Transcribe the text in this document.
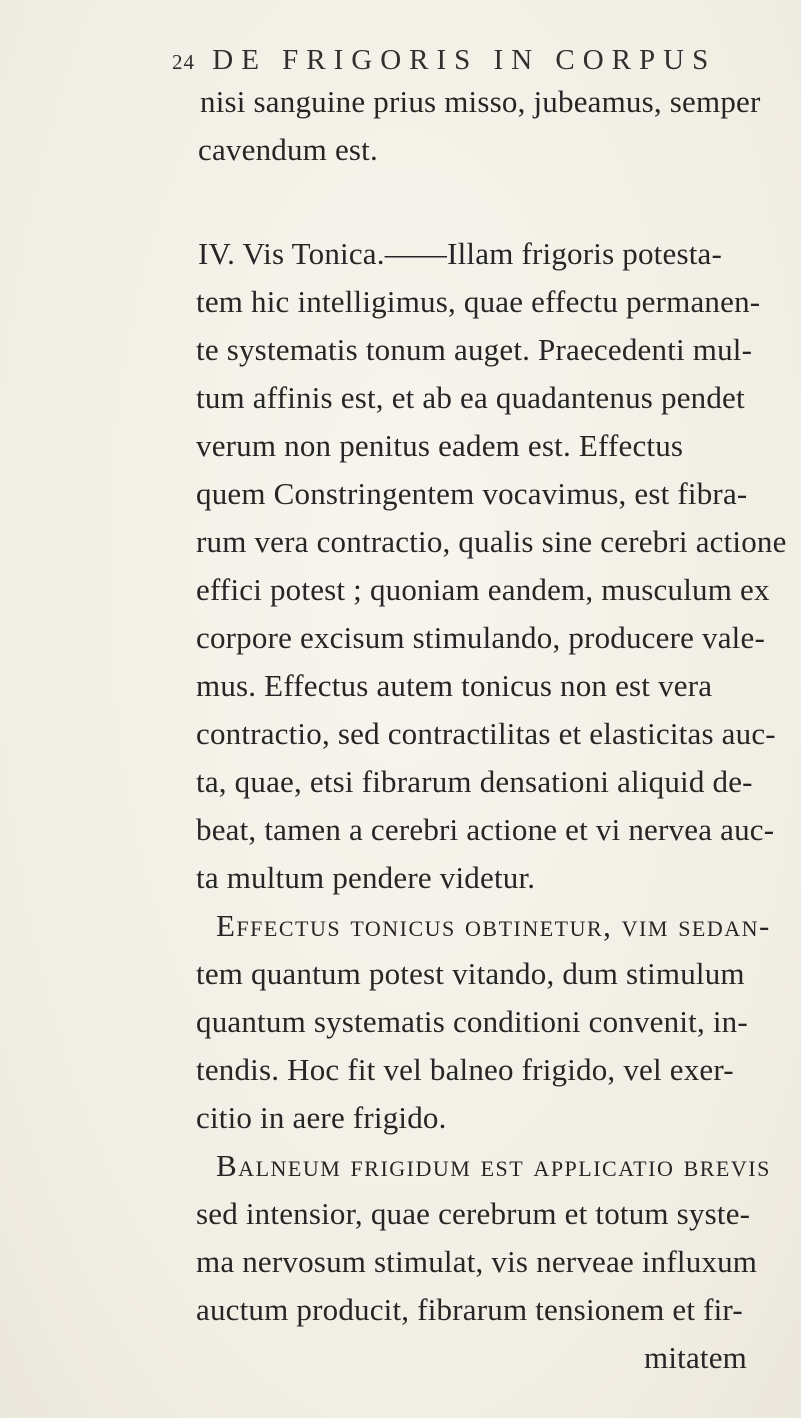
24 DE FRIGORIS IN CORPUS
nisi sanguine prius misso, jubeamus, semper
cavendum est.
IV. Vis Tonica.——Illam frigoris potesta-
tem hic intelligimus, quae effectu permanen-
te systematis tonum auget. Praecedenti mul-
tum affinis est, et ab ea quadantenus pendet
verum non penitus eadem est. Effectus
quem Constringentem vocavimus, est fibra-
rum vera contractio, qualis sine cerebri actione
effici potest ; quoniam eandem, musculum ex
corpore excisum stimulando, producere vale-
mus. Effectus autem tonicus non est vera
contractio, sed contractilitas et elasticitas auc-
ta, quae, etsi fibrarum densationi aliquid de-
beat, tamen a cerebri actione et vi nervea auc-
ta multum pendere videtur.
Effectus tonicus obtinetur, vim sedan-
tem quantum potest vitando, dum stimulum
quantum systematis conditioni convenit, in-
tendis. Hoc fit vel balneo frigido, vel exer-
citio in aere frigido.
Balneum frigidum est applicatio brevis
sed intensior, quae cerebrum et totum syste-
ma nervosum stimulat, vis nerveae influxum
auctum producit, fibrarum tensionem et fir-
mitatem
